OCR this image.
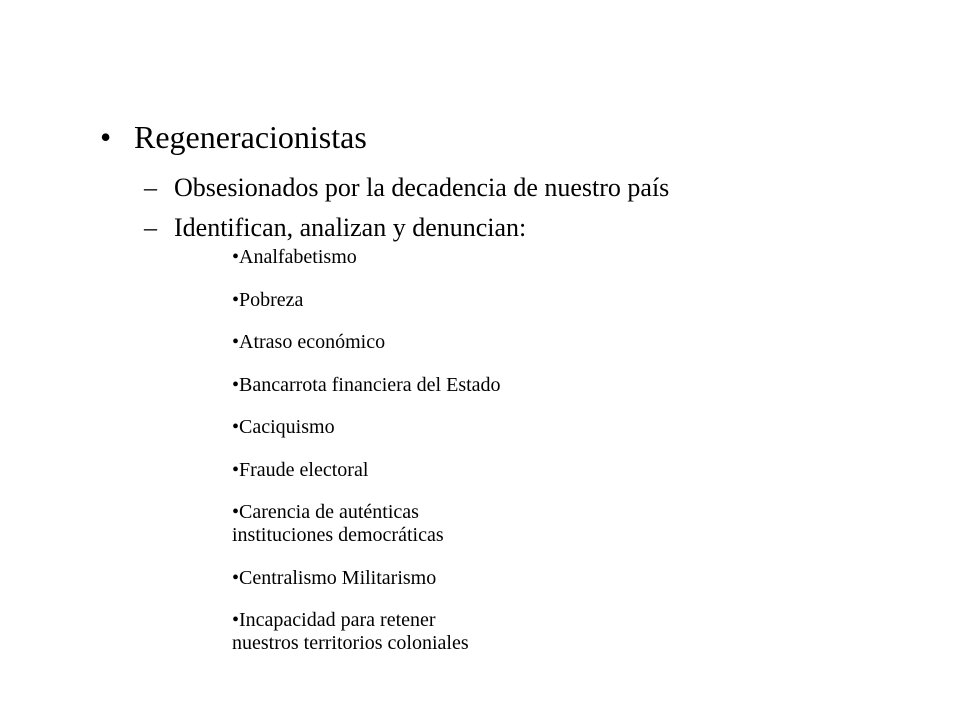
• Regeneracionistas
– Obsesionados por la decadencia de nuestro país
– Identifican, analizan y denuncian:
•Analfabetismo
•Pobreza
•Atraso económico
•Bancarrota financiera del Estado
•Caciquismo
•Fraude electoral
•Carencia de auténticas
instituciones democráticas
•Centralismo Militarismo
•Incapacidad para retener
nuestros territorios coloniales
